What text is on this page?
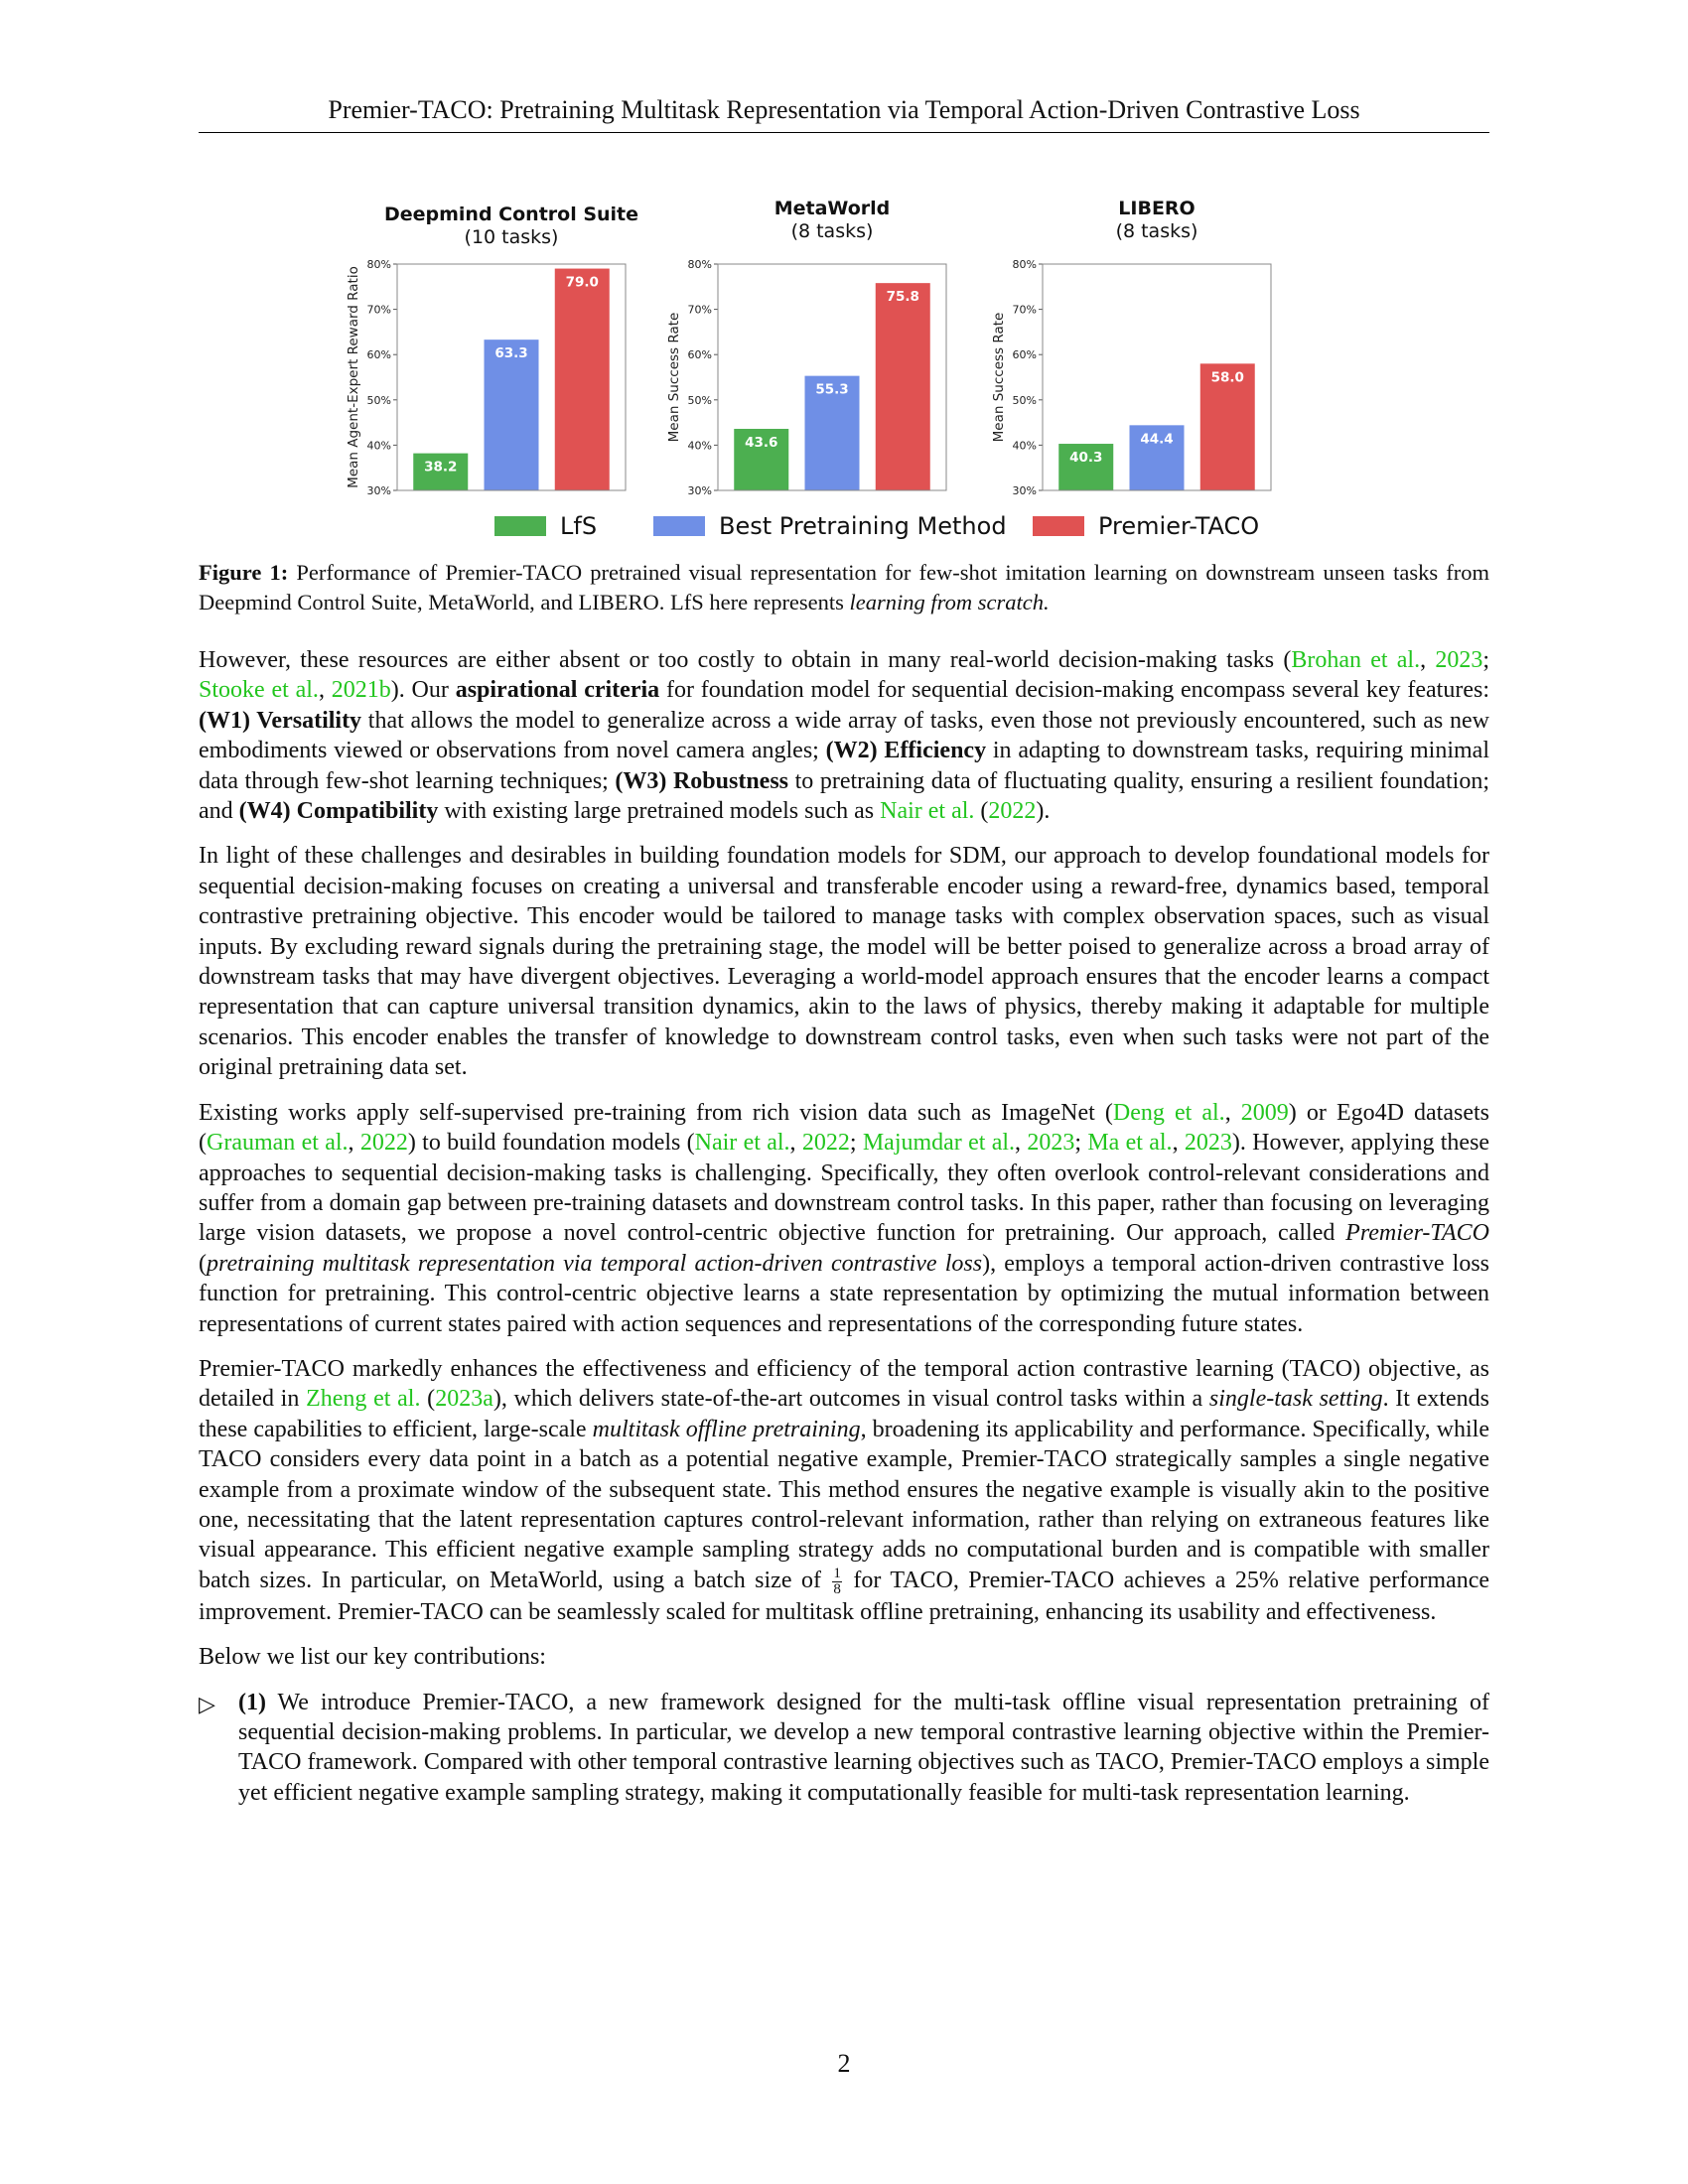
Premier-TACO: Pretraining Multitask Representation via Temporal Action-Driven Contrastive Loss
Deepmind Control Suite
(10 tasks)
30%
40%
50%
60%
70%
80%
Mean Agent-Expert Reward Ratio	38.2
63.3
79.0
MetaWorld
(8 tasks)
30%
40%
50%
60%
70%
80%
Mean Success Rate
43.6
55.3
75.8
LIBERO
(8 tasks)
30%
40%
50%
60%
70%
80%
Mean Success Rate
40.3
44.4
58.0
LfS	Best Pretraining Method	Premier-TACO
Figure 1: Performance of Premier-TACO pretrained visual representation for few-shot imitation learning on downstream unseen tasks from Deepmind Control Suite, MetaWorld, and LIBERO. LfS here represents learning from scratch.

However, these resources are either absent or too costly to obtain in many real-world decision-making tasks (Brohan et al., 2023; Stooke et al., 2021b). Our aspirational criteria for foundation model for sequential decision-making encompass several key features: (W1) Versatility that allows the model to generalize across a wide array of tasks, even those not previously encountered, such as new embodiments viewed or observations from novel camera angles; (W2) Efficiency in adapting to downstream tasks, requiring minimal data through few-shot learning techniques; (W3) Robustness to pretraining data of fluctuating quality, ensuring a resilient foundation; and (W4) Compatibility with existing large pretrained models such as Nair et al. (2022).

In light of these challenges and desirables in building foundation models for SDM, our approach to develop foundational models for sequential decision-making focuses on creating a universal and transferable encoder using a reward-free, dynamics based, temporal contrastive pretraining objective. This encoder would be tailored to manage tasks with complex observation spaces, such as visual inputs. By excluding reward signals during the pretraining stage, the model will be better poised to generalize across a broad array of downstream tasks that may have divergent objectives. Leveraging a world-model approach ensures that the encoder learns a compact representation that can capture universal transition dynamics, akin to the laws of physics, thereby making it adaptable for multiple scenarios. This encoder enables the transfer of knowledge to downstream control tasks, even when such tasks were not part of the original pretraining data set.

Existing works apply self-supervised pre-training from rich vision data such as ImageNet (Deng et al., 2009) or Ego4D datasets (Grauman et al., 2022) to build foundation models (Nair et al., 2022; Majumdar et al., 2023; Ma et al., 2023). However, applying these approaches to sequential decision-making tasks is challenging. Specifically, they often overlook control-relevant considerations and suffer from a domain gap between pre-training datasets and downstream control tasks. In this paper, rather than focusing on leveraging large vision datasets, we propose a novel control-centric objective function for pretraining. Our approach, called Premier-TACO (pretraining multitask representation via temporal action-driven contrastive loss), employs a temporal action-driven contrastive loss function for pretraining. This control-centric objective learns a state representation by optimizing the mutual information between representations of current states paired with action sequences and representations of the corresponding future states.

Premier-TACO markedly enhances the effectiveness and efficiency of the temporal action contrastive learning (TACO) objective, as detailed in Zheng et al. (2023a), which delivers state-of-the-art outcomes in visual control tasks within a single-task setting. It extends these capabilities to efficient, large-scale multitask offline pretraining, broadening its applicability and performance. Specifically, while TACO considers every data point in a batch as a potential negative example, Premier-TACO strategically samples a single negative example from a proximate window of the subsequent state. This method ensures the negative example is visually akin to the positive one, necessitating that the latent representation captures control-relevant information, rather than relying on extraneous features like visual appearance. This efficient negative example sampling strategy adds no computational burden and is compatible with smaller batch sizes. In particular, on MetaWorld, using a batch size of $\frac{1}{8}$ for TACO, Premier-TACO achieves a 25% relative performance improvement. Premier-TACO can be seamlessly scaled for multitask offline pretraining, enhancing its usability and effectiveness.

Below we list our key contributions:

▷ (1) We introduce Premier-TACO, a new framework designed for the multi-task offline visual representation pretraining of sequential decision-making problems. In particular, we develop a new temporal contrastive learning objective within the Premier-TACO framework. Compared with other temporal contrastive learning objectives such as TACO, Premier-TACO employs a simple yet efficient negative example sampling strategy, making it computationally feasible for multi-task representation learning.
2
